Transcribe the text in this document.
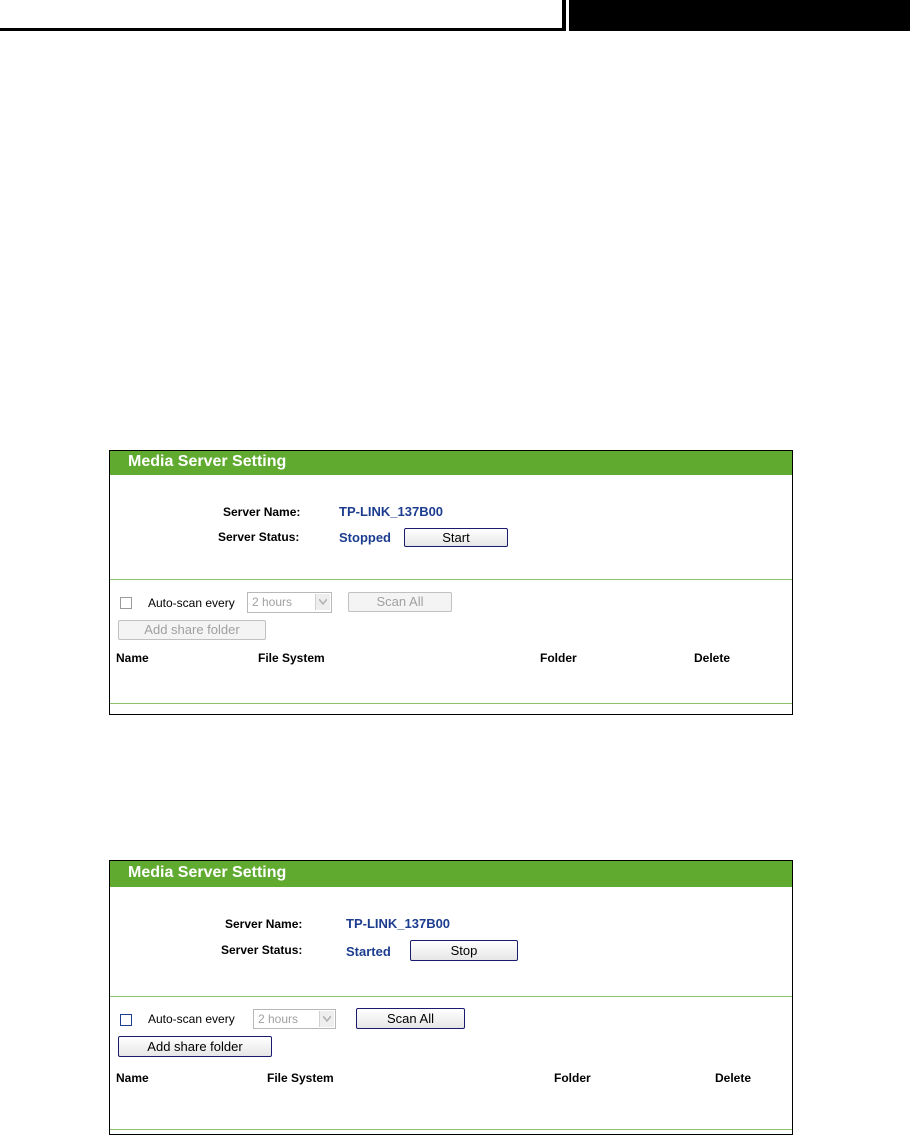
Media Server Setting
Server Name:	TP-LINK_137B00
Server Status:	Stopped	Start
Auto-scan every 2 hours	Scan All
Add share folder
Name	File System	Folder	Delete
Media Server Setting
Server Name:	TP-LINK_137B00
Server Status:	Started	Stop
Auto-scan every 2 hours	Scan All
Add share folder
Name	File System	Folder	Delete
